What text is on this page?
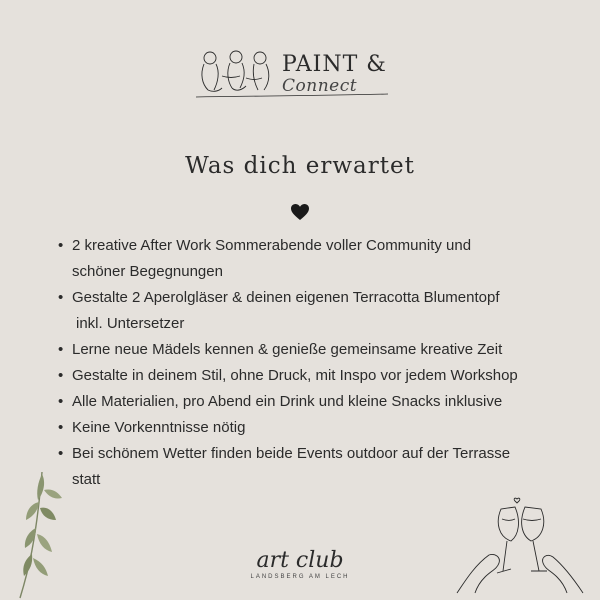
PAINT &
Connect
Was dich erwartet
• 2 kreative After Work Sommerabende voller Community und
schöner Begegnungen
• Gestalte 2 Aperolgläser & deinen eigenen Terracotta Blumentopf
inkl. Untersetzer
• Lerne neue Mädels kennen & genieße gemeinsame kreative Zeit
• Gestalte in deinem Stil, ohne Druck, mit Inspo vor jedem Workshop
• Alle Materialien, pro Abend ein Drink und kleine Snacks inklusive
• Keine Vorkenntnisse nötig
• Bei schönem Wetter finden beide Events outdoor auf der Terrasse
statt
art club
LANDSBERG AM LECH
